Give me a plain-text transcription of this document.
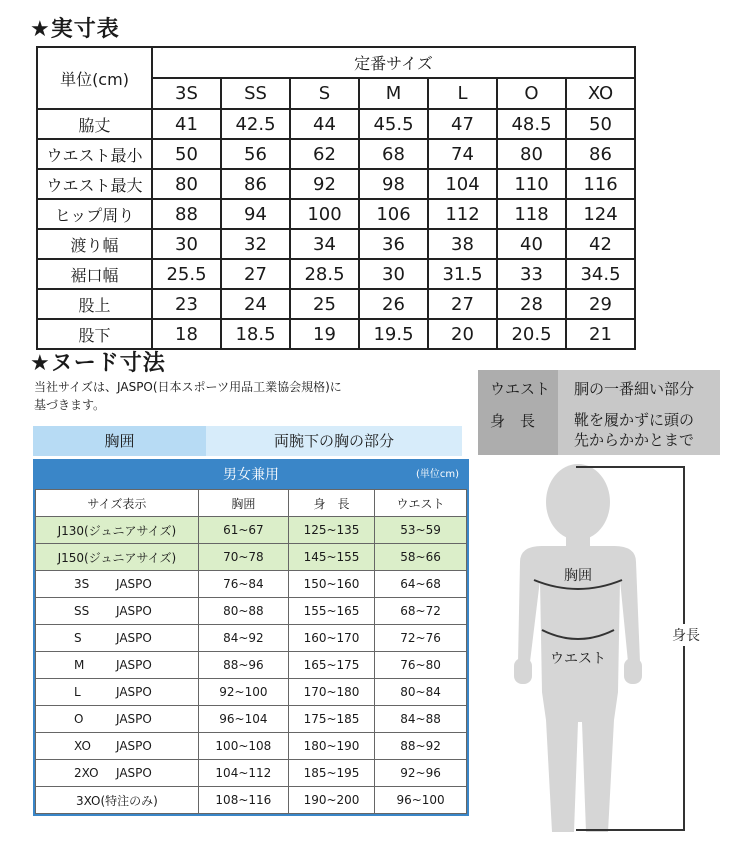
★実寸表
単位(cm)	定番サイズ						
	3S	SS	S	M	L	O	XO
脇丈	41	42.5	44	45.5	47	48.5	50
ウエスト最小	50	56	62	68	74	80	86
ウエスト最大	80	86	92	98	104	110	116
ヒップ周り	88	94	100	106	112	118	124
渡り幅	30	32	34	36	38	40	42
裾口幅	25.5	27	28.5	30	31.5	33	34.5
股上	23	24	25	26	27	28	29
股下	18	18.5	19	19.5	20	20.5	21
★ヌード寸法
当社サイズは、JASPO(日本スポーツ用品工業協会規格)に
基づきます。
胸囲	両腕下の胸の部分
男女兼用	(単位cm)
サイズ表示	胸囲	身　長	ウエスト
J130(ジュニアサイズ)	61~67	125~135	53~59
J150(ジュニアサイズ)	70~78	145~155	58~66
3S JASPO	76~84	150~160	64~68
SS JASPO	80~88	155~165	68~72
S JASPO	84~92	160~170	72~76
M JASPO	88~96	165~175	76~80
L JASPO	92~100	170~180	80~84
O JASPO	96~104	175~185	84~88
XO JASPO	100~108	180~190	88~92
2XO JASPO	104~112	185~195	92~96
3XO(特注のみ)	108~116	190~200	96~100
ウエスト 胴の一番細い部分
身　長	靴を履かずに頭の
先からかかとまで
胸囲
ウエスト
身長
